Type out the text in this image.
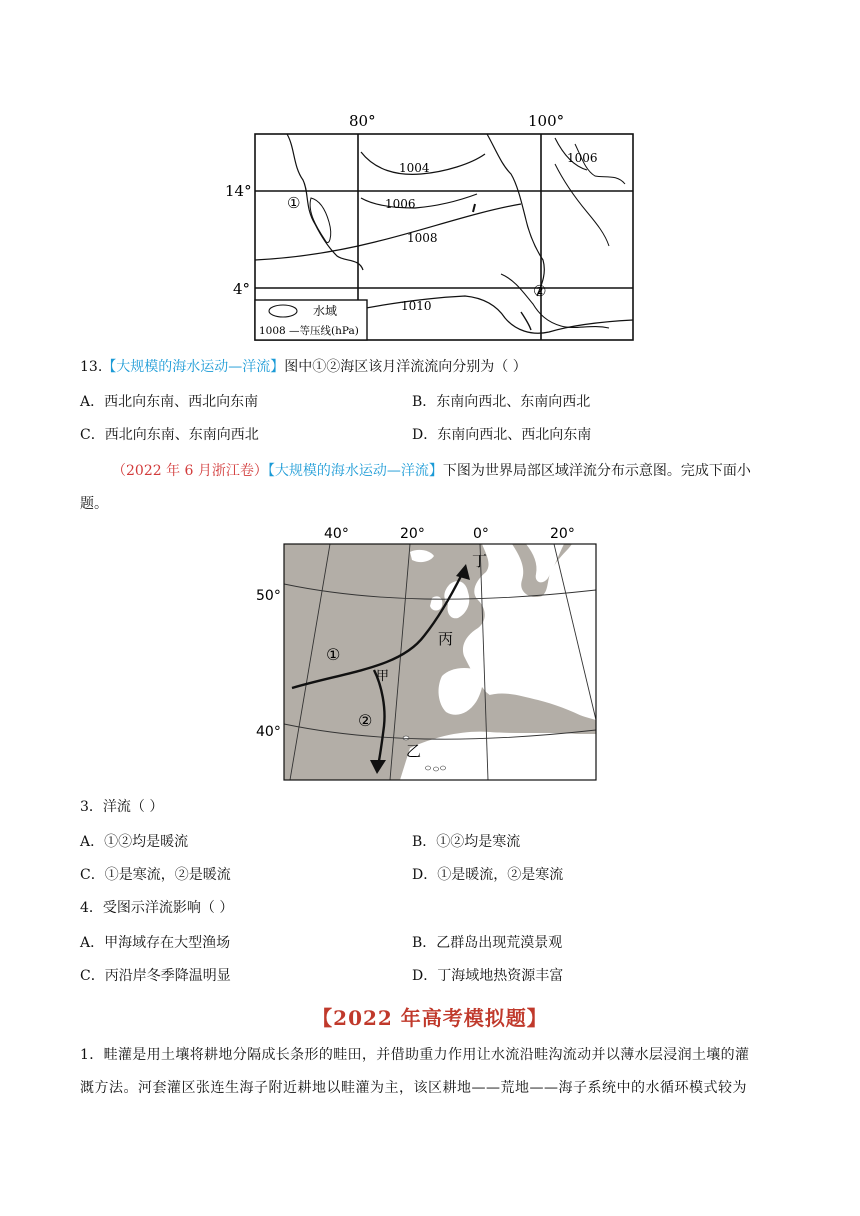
80°	100°
14°
4°
1004
1006
1008
1010
1006
①
②
水域
1008 —等压线(hPa)
13.【大规模的海水运动—洋流】图中①②海区该月洋流流向分别为（ ）
A．西北向东南、西北向东南	B．东南向西北、东南向西北
C．西北向东南、东南向西北	D．东南向西北、西北向东南
（2022 年 6 月浙江卷）【大规模的海水运动—洋流】下图为世界局部区域洋流分布示意图。完成下面小
题。
40°	20°	0°	20°
50°
40°
丁
丙
甲
乙
①
②
3．洋流（ ）
A．①②均是暖流	B．①②均是寒流
C．①是寒流，②是暖流	D．①是暖流，②是寒流
4．受图示洋流影响（ ）
A．甲海域存在大型渔场	B．乙群岛出现荒漠景观
C．丙沿岸冬季降温明显	D．丁海域地热资源丰富
【2022 年高考模拟题】
1．畦灌是用土壤将耕地分隔成长条形的畦田，并借助重力作用让水流沿畦沟流动并以薄水层浸润土壤的灌
溉方法。河套灌区张连生海子附近耕地以畦灌为主，该区耕地——荒地——海子系统中的水循环模式较为
